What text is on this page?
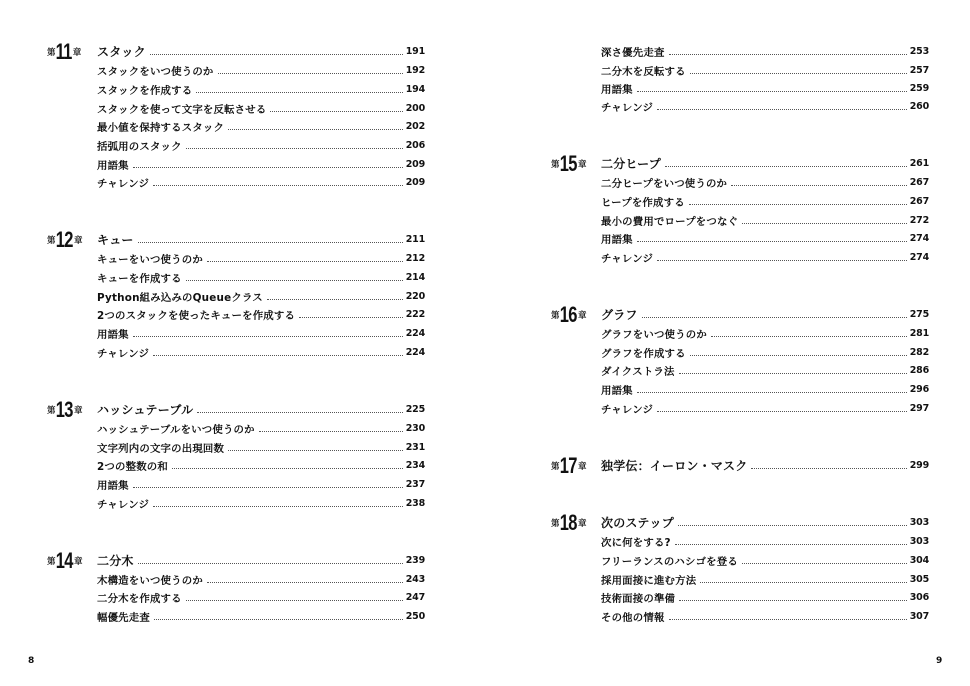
第 11 章 スタック	191
スタックをいつ使うのか	192
スタックを作成する	194
スタックを使って文字を反転させる	200
最小値を保持するスタック	202
括弧用のスタック	206
用語集	209
チャレンジ	209
第 12 章 キュー	211
キューをいつ使うのか	212
キューを作成する	214
Python組み込みのQueueクラス	220
2つのスタックを使ったキューを作成する	222
用語集	224
チャレンジ	224
第 13 章 ハッシュテーブル	225
ハッシュテーブルをいつ使うのか	230
文字列内の文字の出現回数	231
2つの整数の和	234
用語集	237
チャレンジ	238
第 14 章 二分木	239
木構造をいつ使うのか	243
二分木を作成する	247
幅優先走査	250
8
深さ優先走査	253
二分木を反転する	257
用語集	259
チャレンジ	260
第 15 章 二分ヒープ	261
二分ヒープをいつ使うのか	267
ヒープを作成する	267
最小の費用でロープをつなぐ	272
用語集	274
チャレンジ	274
第 16 章 グラフ	275
グラフをいつ使うのか	281
グラフを作成する	282
ダイクストラ法	286
用語集	296
チャレンジ	297
第 17 章 独学伝：イーロン・マスク	299
第 18 章 次のステップ	303
次に何をする?	303
フリーランスのハシゴを登る	304
採用面接に進む方法	305
技術面接の準備	306
その他の情報	307
9
